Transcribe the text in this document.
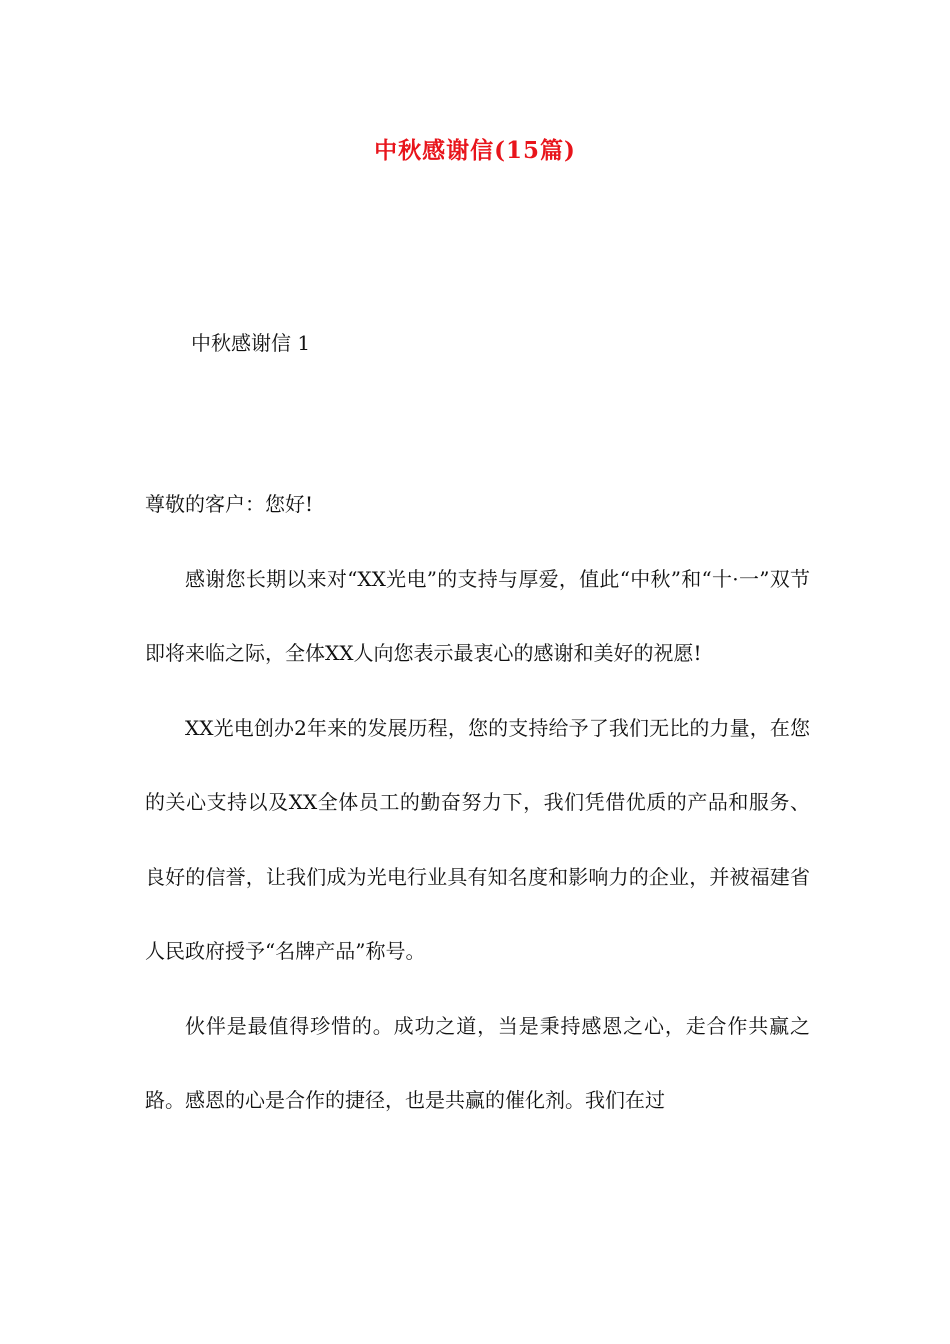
中秋感谢信(15篇)
中秋感谢信 1

尊敬的客户：您好!

感谢您长期以来对“XX光电”的支持与厚爱，值此“中秋”和“十·一”双节即将来临之际，全体XX人向您表示最衷心的感谢和美好的祝愿!

XX光电创办2年来的发展历程，您的支持给予了我们无比的力量，在您的关心支持以及XX全体员工的勤奋努力下，我们凭借优质的产品和服务、良好的信誉，让我们成为光电行业具有知名度和影响力的企业，并被福建省人民政府授予“名牌产品”称号。

伙伴是最值得珍惜的。成功之道，当是秉持感恩之心，走合作共赢之路。感恩的心是合作的捷径，也是共赢的催化剂。我们在过
